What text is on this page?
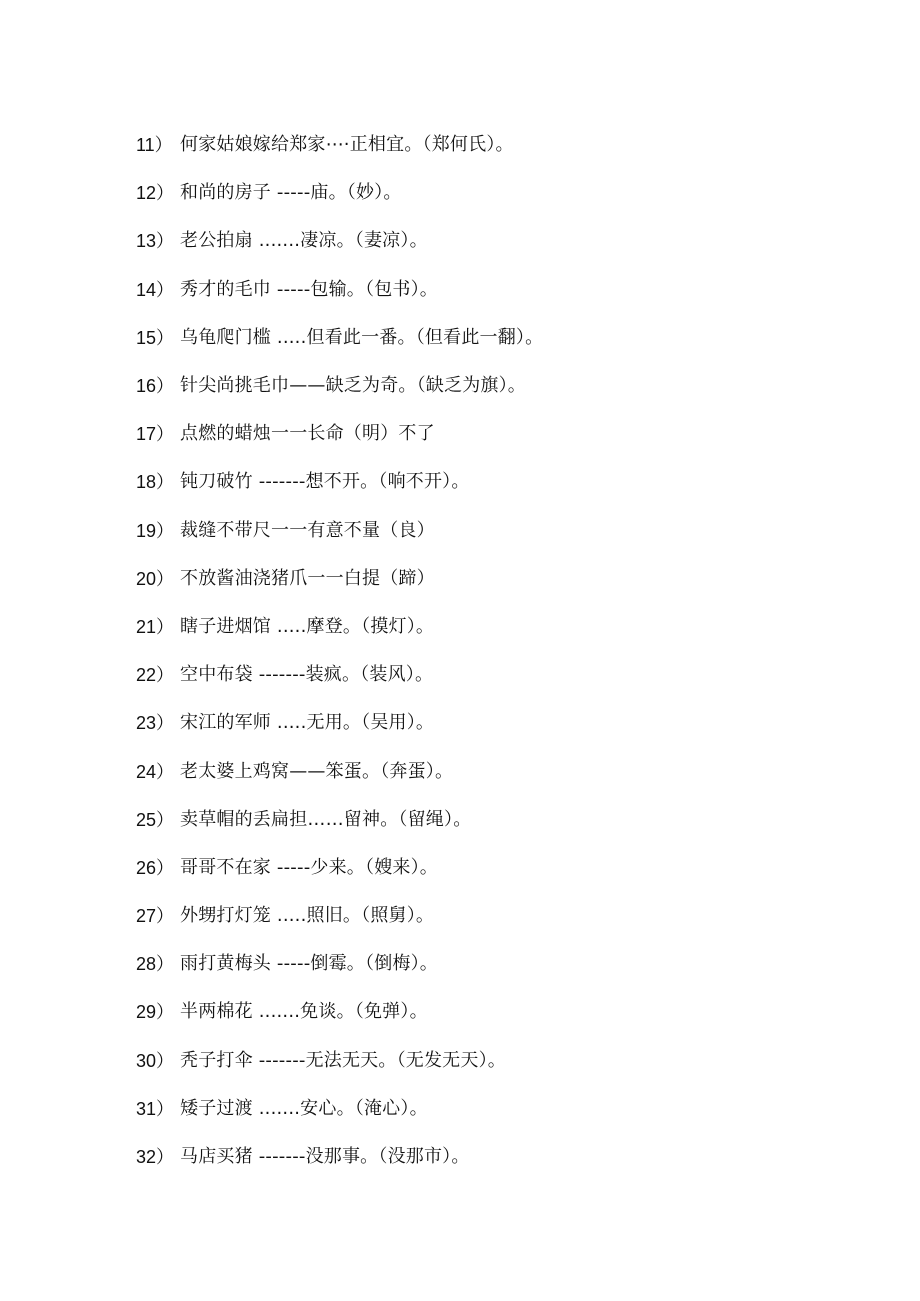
11） 何家姑娘嫁给郑家⋯·正相宜。（郑何氏）。
12） 和尚的房子 -----庙。（妙）。
13） 老公拍扇 .......凄凉。（妻凉）。
14） 秀才的毛巾 -----包输。（包书）。
15） 乌龟爬门槛 .....但看此一番。（但看此一翻）。
16） 针尖尚挑毛巾——缺乏为奇。（缺乏为旗）。
17） 点燃的蜡烛一一长命（明）不了
18） 钝刀破竹 -------想不开。（响不开）。
19） 裁缝不带尺一一有意不量（良）
20） 不放酱油浇猪爪一一白提（蹄）
21） 瞎子进烟馆 .....摩登。（摸灯）。
22） 空中布袋 -------装疯。（装风）。
23） 宋江的军师 .....无用。（吴用）。
24） 老太婆上鸡窝——笨蛋。（奔蛋）。
25） 卖草帽的丢扁担……留神。（留绳）。
26） 哥哥不在家 -----少来。（嫂来）。
27） 外甥打灯笼 .....照旧。（照舅）。
28） 雨打黄梅头 -----倒霉。（倒梅）。
29） 半两棉花 .......免谈。（免弹）。
30） 秃子打伞 -------无法无天。（无发无天）。
31） 矮子过渡 .......安心。（淹心）。
32） 马店买猪 -------没那事。（没那市）。
